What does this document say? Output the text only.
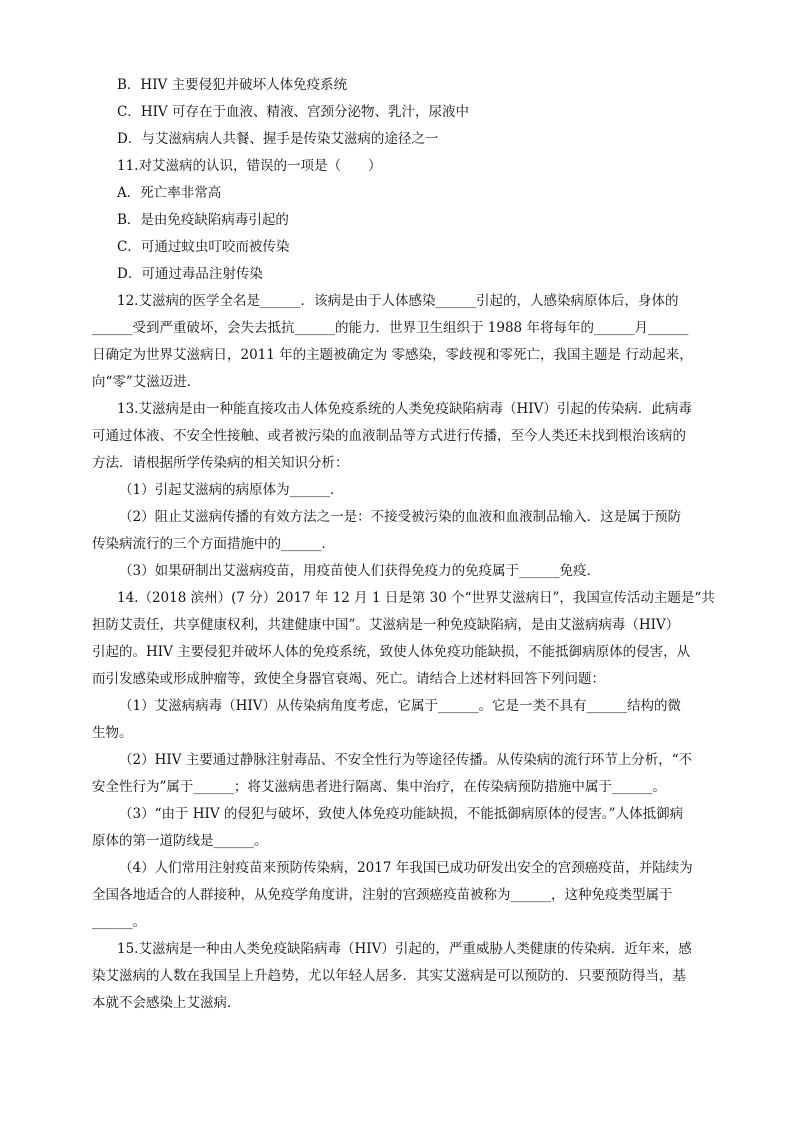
B．HIV 主要侵犯并破坏人体免疫系统
C．HIV 可存在于血液、精液、宫颈分泌物、乳汁，尿液中
D．与艾滋病病人共餐、握手是传染艾滋病的途径之一
11.对艾滋病的认识，错误的一项是（　　）
A．死亡率非常高
B．是由免疫缺陷病毒引起的
C．可通过蚊虫叮咬而被传染
D．可通过毒品注射传染
12.艾滋病的医学全名是______．该病是由于人体感染______引起的，人感染病原体后，身体的
______受到严重破坏，会失去抵抗______的能力．世界卫生组织于 1988 年将每年的______月______
日确定为世界艾滋病日，2011 年的主题被确定为 零感染，零歧视和零死亡，我国主题是 行动起来，
向“零”艾滋迈进．
13.艾滋病是由一种能直接攻击人体免疫系统的人类免疫缺陷病毒（HIV）引起的传染病．此病毒
可通过体液、不安全性接触、或者被污染的血液制品等方式进行传播，至今人类还未找到根治该病的
方法．请根据所学传染病的相关知识分析：
（1）引起艾滋病的病原体为______．
（2）阻止艾滋病传播的有效方法之一是：不接受被污染的血液和血液制品输入．这是属于预防
传染病流行的三个方面措施中的______．
（3）如果研制出艾滋病疫苗，用疫苗使人们获得免疫力的免疫属于______免疫．
14.（2018 滨州）(7 分）2017 年 12 月 1 日是第 30 个“世界艾滋病日”，我国宣传活动主题是“共
担防艾责任，共享健康权利，共建健康中国”。艾滋病是一种免疫缺陷病，是由艾滋病病毒（HIV）
引起的。HIV 主要侵犯并破坏人体的免疫系统，致使人体免疫功能缺损，不能抵御病原体的侵害，从
而引发感染或形成肿瘤等，致使全身器官衰竭、死亡。请结合上述材料回答下列问题：
（1）艾滋病病毒（HIV）从传染病角度考虑，它属于______。它是一类不具有______结构的微
生物。
（2）HIV 主要通过静脉注射毒品、不安全性行为等途径传播。从传染病的流行环节上分析，“不
安全性行为”属于______；将艾滋病患者进行隔离、集中治疗，在传染病预防措施中属于______。
（3）“由于 HIV 的侵犯与破坏，致使人体免疫功能缺损，不能抵御病原体的侵害。”人体抵御病
原体的第一道防线是______。
（4）人们常用注射疫苗来预防传染病，2017 年我国已成功研发出安全的宫颈癌疫苗，并陆续为
全国各地适合的人群接种，从免疫学角度讲，注射的宫颈癌疫苗被称为______，这种免疫类型属于
______。
15.艾滋病是一种由人类免疫缺陷病毒（HIV）引起的，严重威胁人类健康的传染病．近年来，感
染艾滋病的人数在我国呈上升趋势，尤以年轻人居多．其实艾滋病是可以预防的．只要预防得当，基
本就不会感染上艾滋病．
